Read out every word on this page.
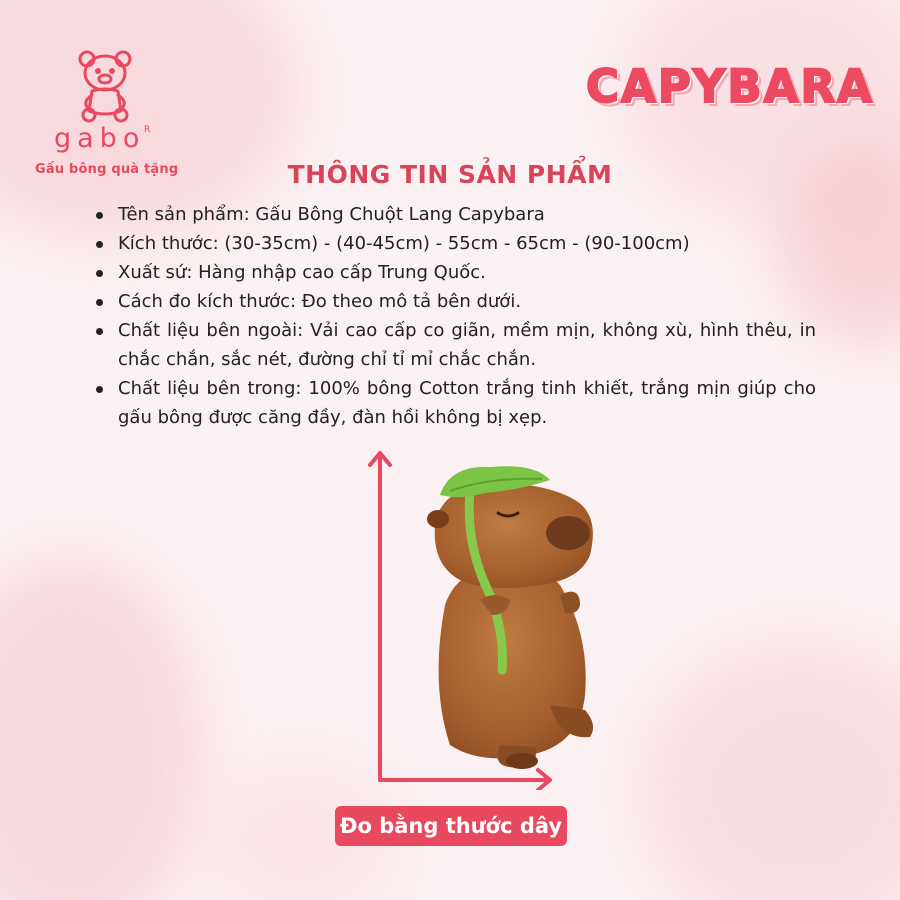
gabo
R
Gấu bông quà tặng
CAPYBARA
THÔNG TIN SẢN PHẨM
Tên sản phẩm: Gấu Bông Chuột Lang Capybara
Kích thước: (30-35cm) - (40-45cm) - 55cm - 65cm - (90-100cm)
Xuất sứ: Hàng nhập cao cấp Trung Quốc.
Cách đo kích thước: Đo theo mô tả bên dưới.
Chất liệu bên ngoài: Vải cao cấp co giãn, mềm mịn, không xù, hình thêu, in chắc chắn, sắc nét, đường chỉ tỉ mỉ chắc chắn.
Chất liệu bên trong: 100% bông Cotton trắng tinh khiết, trắng mịn giúp cho gấu bông được căng đầy, đàn hồi không bị xẹp.
Đo bằng thước dây
